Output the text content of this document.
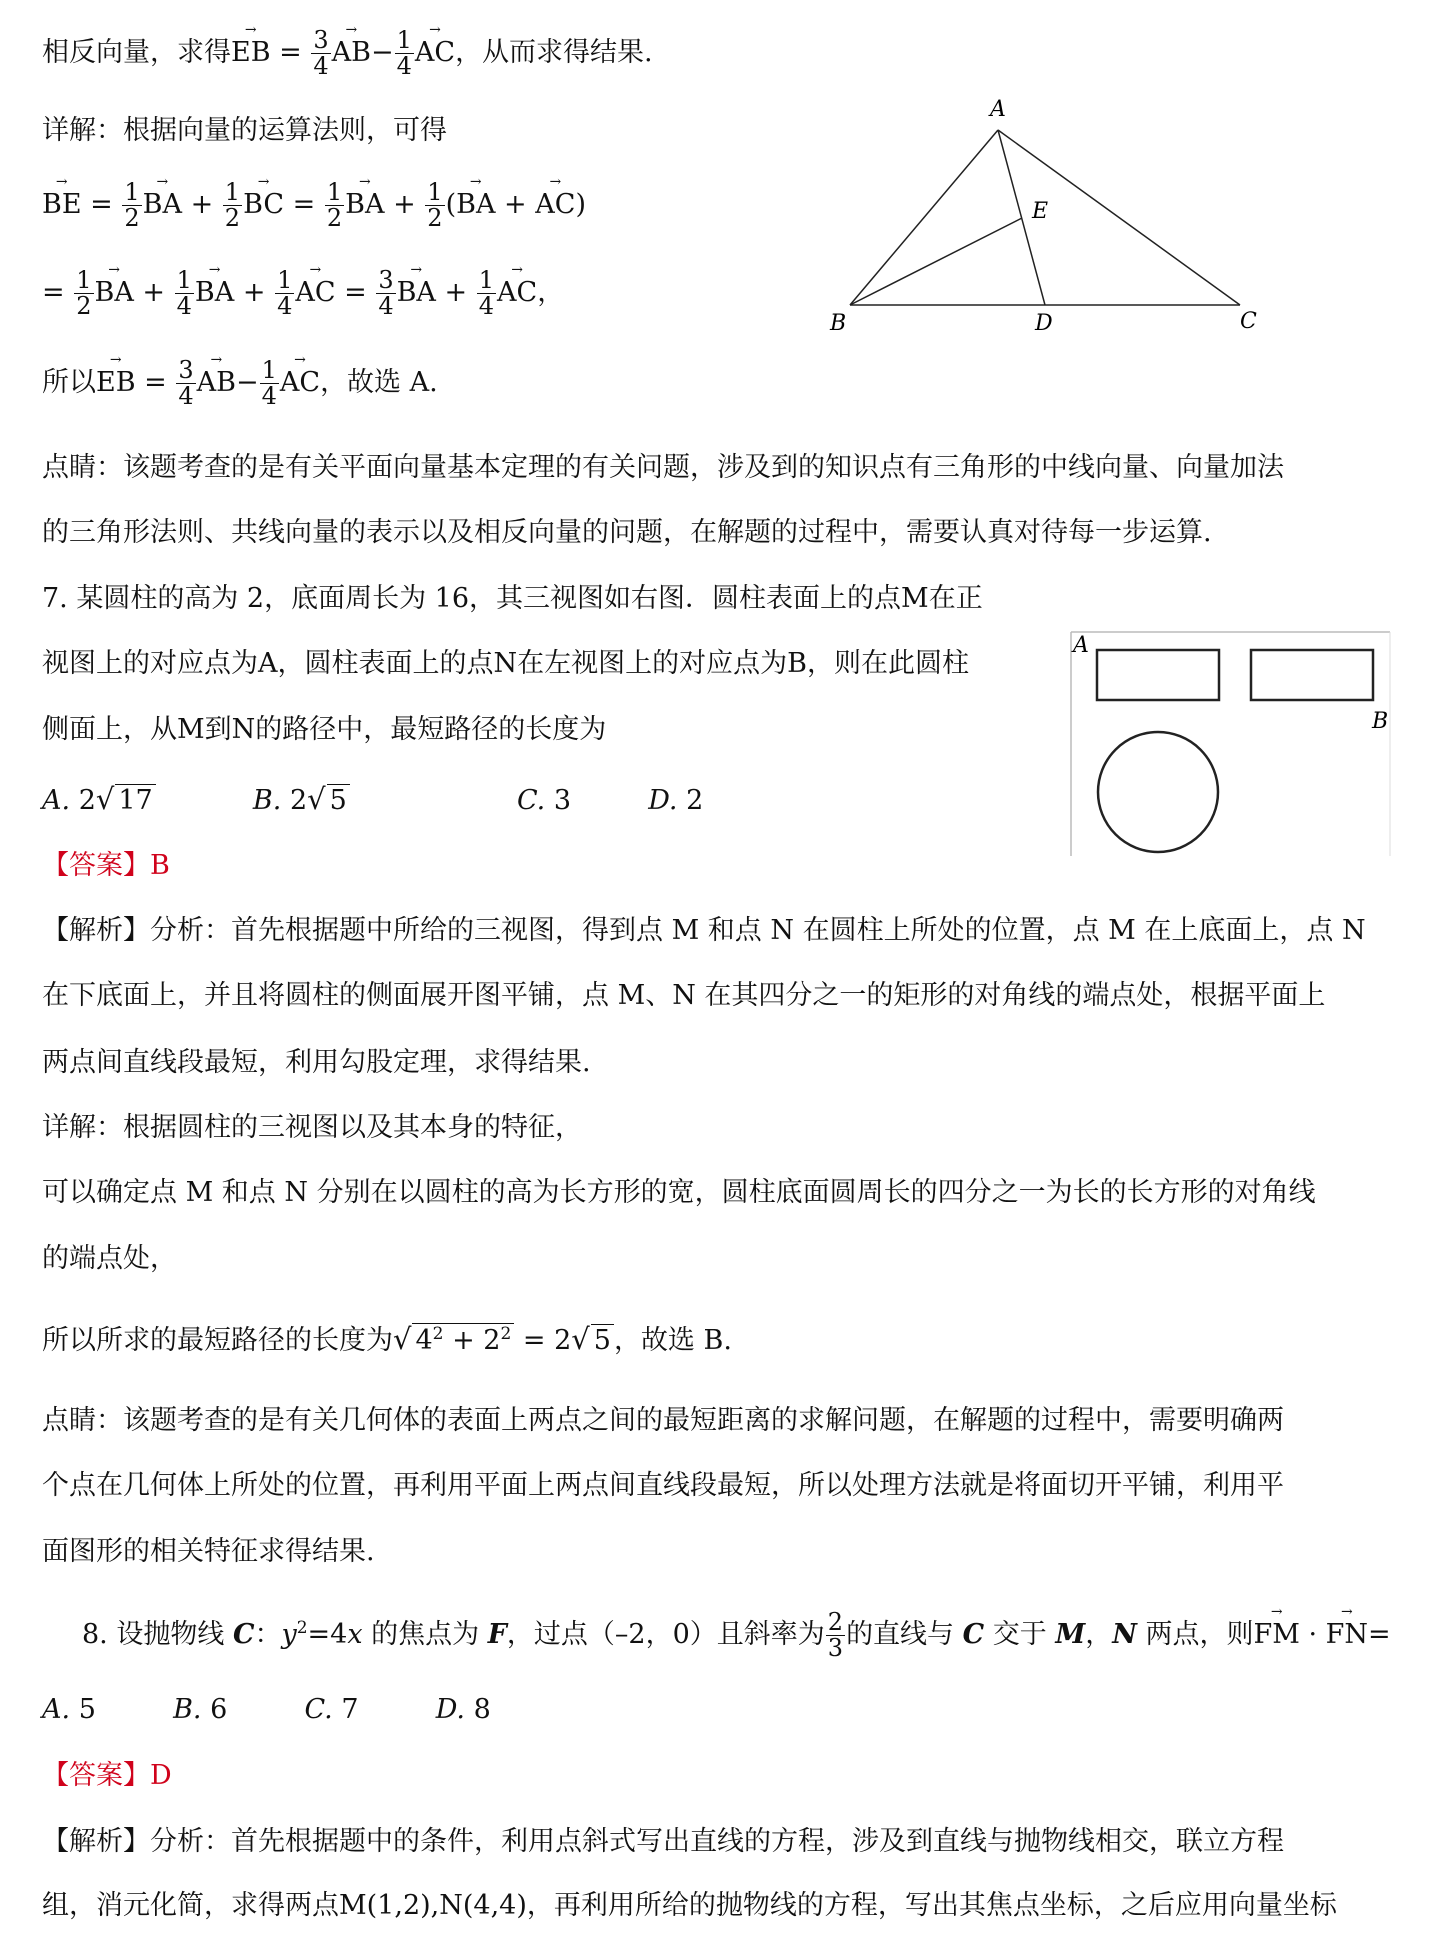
相反向量，求得→ EB = $\frac{3}{4}$
→ $AB- \frac{1}{4}$
→ AC，从而求得结果.
详解：根据向量的运算法则，可得
→ BE = $\frac{1}{2}$
→ BA + $\frac{1}{2}$
→ BC = $\frac{1}{2}$
→ BA + $\frac{1}{2}$ (→ BA + → AC)
= $\frac{1}{2}$
→ BA + $\frac{1}{4}$
→ BA + $\frac{1}{4}$
→ AC = $\frac{3}{4}$
→ BA + $\frac{1}{4}$
→ AC，
所以→ EB = $\frac{3}{4}$
→ $AB- \frac{1}{4}$
→ AC，故选 A.
A
B	D	C
E
点睛：该题考查的是有关平面向量基本定理的有关问题，涉及到的知识点有三角形的中线向量、向量加法
的三角形法则、共线向量的表示以及相反向量的问题，在解题的过程中，需要认真对待每一步运算.
7. 某圆柱的高为 2，底面周长为 16，其三视图如右图．圆柱表面上的点M在正
视图上的对应点为A，圆柱表面上的点N在左视图上的对应点为B，则在此圆柱
侧面上，从M到N的路径中，最短路径的长度为
A. 2√ 17	B. 2√ 5	C. 3	D. 2
【答案】B
A
B
【解析】分析：首先根据题中所给的三视图，得到点 M 和点 N 在圆柱上所处的位置，点 M 在上底面上，点 N
在下底面上，并且将圆柱的侧面展开图平铺，点 M、N 在其四分之一的矩形的对角线的端点处，根据平面上
两点间直线段最短，利用勾股定理，求得结果.
详解：根据圆柱的三视图以及其本身的特征，
可以确定点 M 和点 N 分别在以圆柱的高为长方形的宽，圆柱底面圆周长的四分之一为长的长方形的对角线
的端点处，
所以所求的最短路径的长度为√ $4^2 + 2^2 = 2√$ 5 ，故选 B.
点睛：该题考查的是有关几何体的表面上两点之间的最短距离的求解问题，在解题的过程中，需要明确两
个点在几何体上所处的位置，再利用平面上两点间直线段最短，所以处理方法就是将面切开平铺，利用平
面图形的相关特征求得结果.
8. 设抛物线 C：$y^2=4x$ 的焦点为 F，过点（–2，0）且斜率为 $\frac{2}{3}$ 的直线与 C 交于 M，N 两点，则→ FM · → FN=
A. 5	B. 6	C. 7	D. 8
【答案】D
【解析】分析：首先根据题中的条件，利用点斜式写出直线的方程，涉及到直线与抛物线相交，联立方程
组，消元化简，求得两点M(1,2),N(4,4)，再利用所给的抛物线的方程，写出其焦点坐标，之后应用向量坐标
